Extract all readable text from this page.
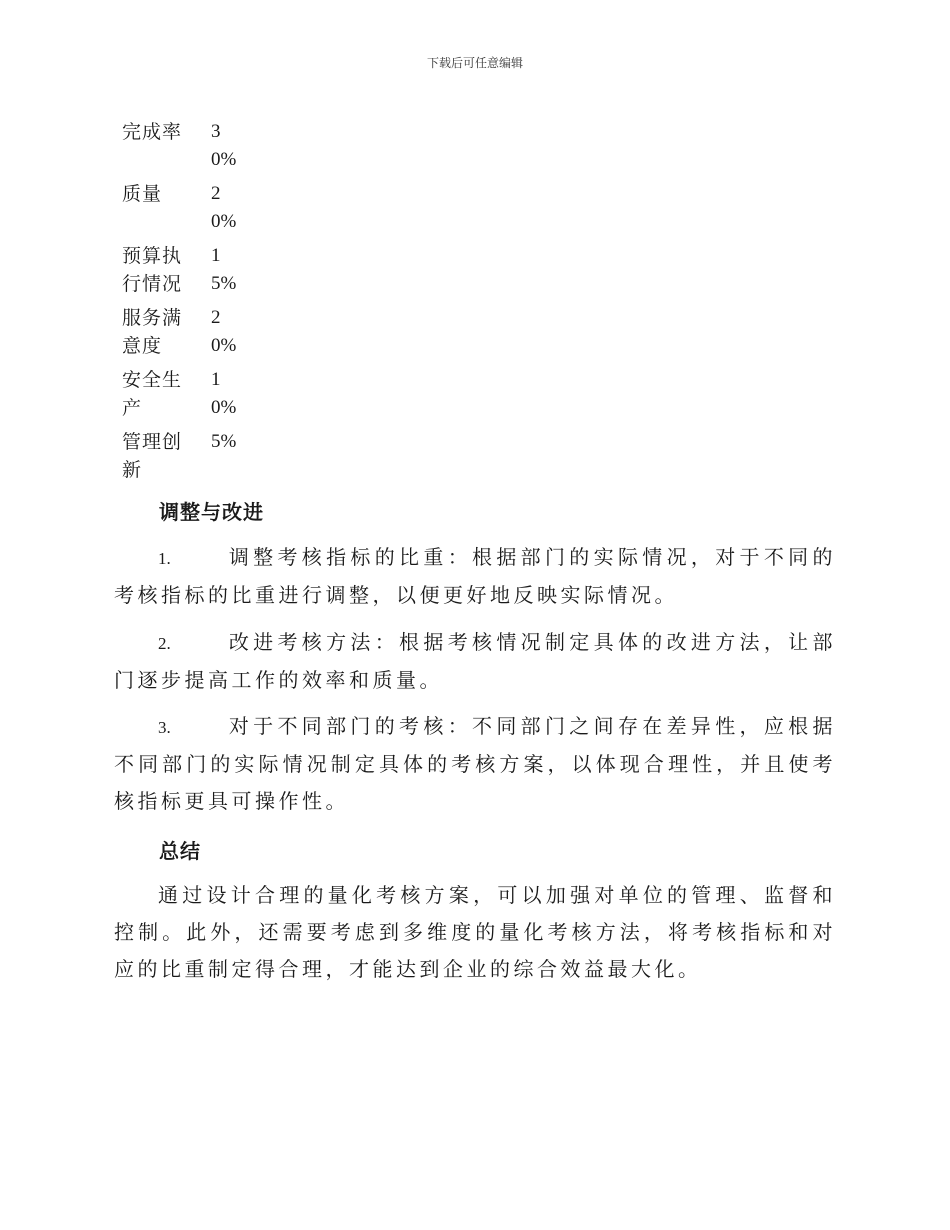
下载后可任意编辑
完成率	30%
质量	20%
预算执行情况
15%
服务满意度
20%
安全生产
10%
管理创新
5%
调整与改进
1.	调整考核指标的比重：根据部门的实际情况，对于不同的考核指标的比重进行调整，以便更好地反映实际情况。
2.	改进考核方法：根据考核情况制定具体的改进方法，让部门逐步提高工作的效率和质量。
3.	对于不同部门的考核：不同部门之间存在差异性，应根据不同部门的实际情况制定具体的考核方案，以体现合理性，并且使考核指标更具可操作性。
总结
通过设计合理的量化考核方案，可以加强对单位的管理、监督和控制。此外，还需要考虑到多维度的量化考核方法，将考核指标和对应的比重制定得合理，才能达到企业的综合效益最大化。
